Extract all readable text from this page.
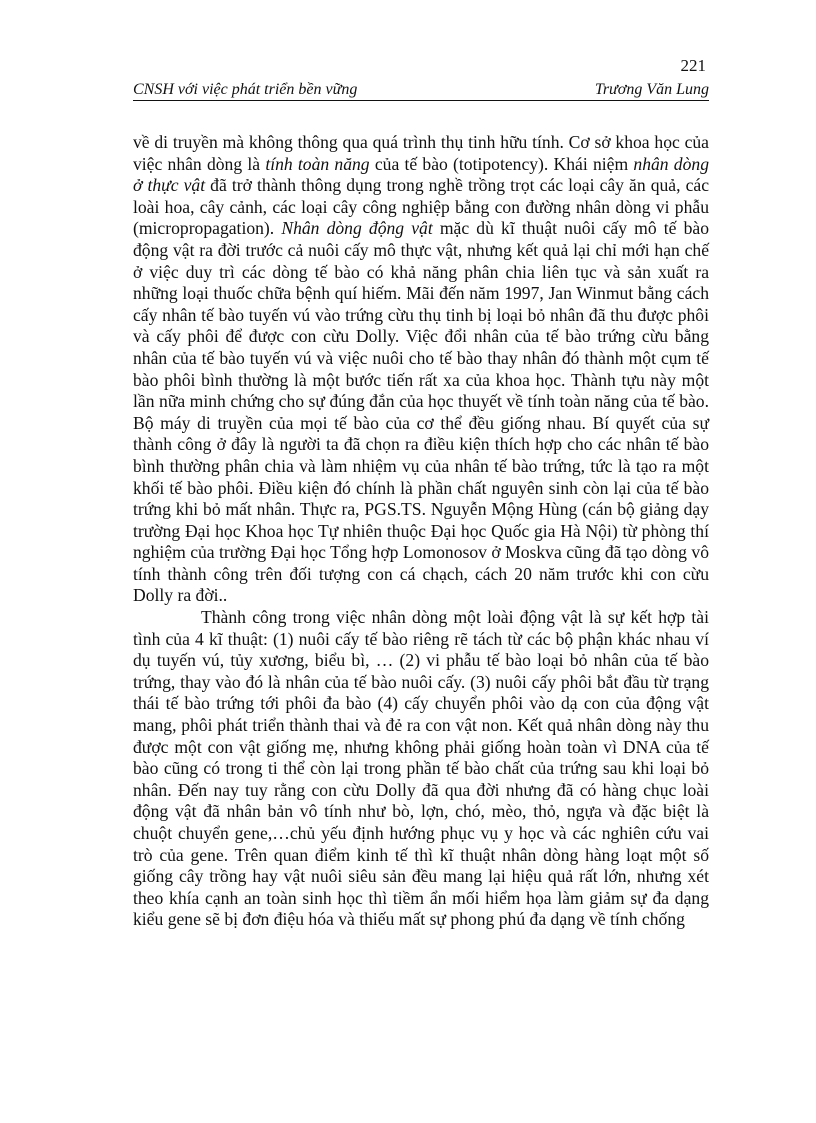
221
CNSH với việc phát triển bền vững	Trương Văn Lung

về di truyền mà không thông qua quá trình thụ tinh hữu tính. Cơ sở khoa học của việc nhân dòng là tính toàn năng của tế bào (totipotency). Khái niệm nhân dòng ở thực vật đã trở thành thông dụng trong nghề trồng trọt các loại cây ăn quả, các loài hoa, cây cảnh, các loại cây công nghiệp bằng con đường nhân dòng vi phẫu (micropropagation). Nhân dòng động vật mặc dù kĩ thuật nuôi cấy mô tế bào động vật ra đời trước cả nuôi cấy mô thực vật, nhưng kết quả lại chỉ mới hạn chế ở việc duy trì các dòng tế bào có khả năng phân chia liên tục và sản xuất ra những loại thuốc chữa bệnh quí hiếm. Mãi đến năm 1997, Jan Winmut bằng cách cấy nhân tế bào tuyến vú vào trứng cừu thụ tinh bị loại bỏ nhân đã thu được phôi và cấy phôi để được con cừu Dolly. Việc đổi nhân của tế bào trứng cừu bằng nhân của tế bào tuyến vú và việc nuôi cho tế bào thay nhân đó thành một cụm tế bào phôi bình thường là một bước tiến rất xa của khoa học. Thành tựu này một lần nữa minh chứng cho sự đúng đắn của học thuyết về tính toàn năng của tế bào. Bộ máy di truyền của mọi tế bào của cơ thể đều giống nhau. Bí quyết của sự thành công ở đây là người ta đã chọn ra điều kiện thích hợp cho các nhân tế bào bình thường phân chia và làm nhiệm vụ của nhân tế bào trứng, tức là tạo ra một khối tế bào phôi. Điều kiện đó chính là phần chất nguyên sinh còn lại của tế bào trứng khi bỏ mất nhân. Thực ra, PGS.TS. Nguyễn Mộng Hùng (cán bộ giảng dạy trường Đại học Khoa học Tự nhiên thuộc Đại học Quốc gia Hà Nội) từ phòng thí nghiệm của trường Đại học Tổng hợp Lomonosov ở Moskva cũng đã tạo dòng vô tính thành công trên đối tượng con cá chạch, cách 20 năm trước khi con cừu Dolly ra đời..

Thành công trong việc nhân dòng một loài động vật là sự kết hợp tài tình của 4 kĩ thuật: (1) nuôi cấy tế bào riêng rẽ tách từ các bộ phận khác nhau ví dụ tuyến vú, tủy xương, biểu bì, … (2) vi phẫu tế bào loại bỏ nhân của tế bào trứng, thay vào đó là nhân của tế bào nuôi cấy. (3) nuôi cấy phôi bắt đầu từ trạng thái tế bào trứng tới phôi đa bào (4) cấy chuyển phôi vào dạ con của động vật mang, phôi phát triển thành thai và đẻ ra con vật non. Kết quả nhân dòng này thu được một con vật giống mẹ, nhưng không phải giống hoàn toàn vì DNA của tế bào cũng có trong ti thể còn lại trong phần tế bào chất của trứng sau khi loại bỏ nhân. Đến nay tuy rằng con cừu Dolly đã qua đời nhưng đã có hàng chục loài động vật đã nhân bản vô tính như bò, lợn, chó, mèo, thỏ, ngựa và đặc biệt là chuột chuyển gene,…chủ yếu định hướng phục vụ y học và các nghiên cứu vai trò của gene. Trên quan điểm kinh tế thì kĩ thuật nhân dòng hàng loạt một số giống cây trồng hay vật nuôi siêu sản đều mang lại hiệu quả rất lớn, nhưng xét theo khía cạnh an toàn sinh học thì tiềm ẩn mối hiểm họa làm giảm sự đa dạng kiểu gene sẽ bị đơn điệu hóa và thiếu mất sự phong phú đa dạng về tính chống
